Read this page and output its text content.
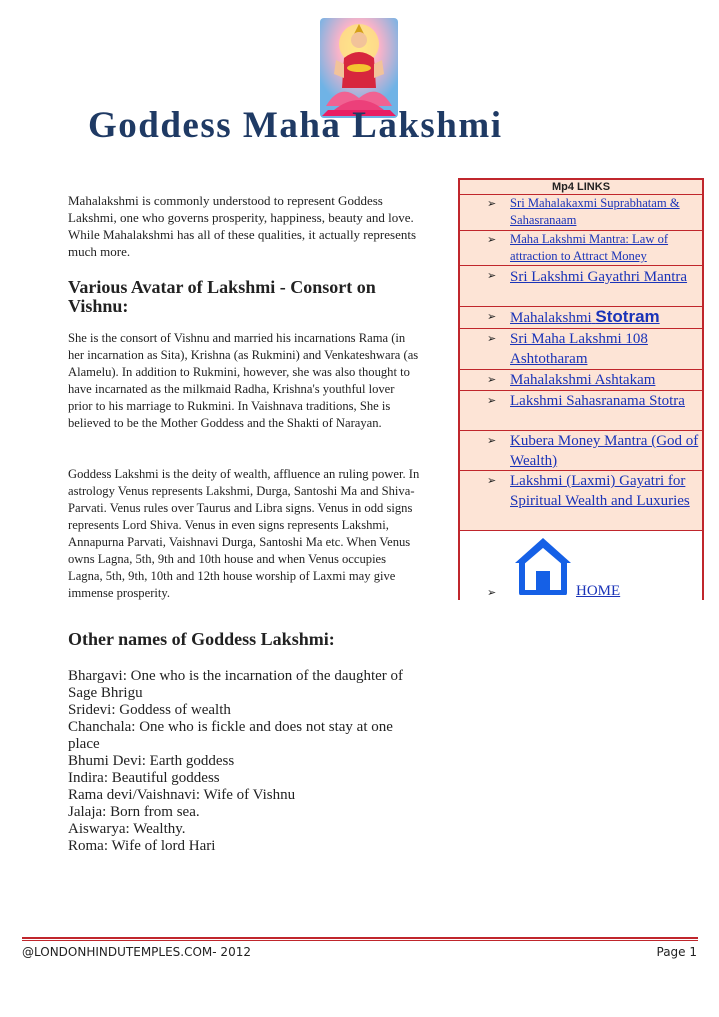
Goddess Maha Lakshmi
Mahalakshmi is commonly understood to represent Goddess Lakshmi, one who governs prosperity, happiness, beauty and love. While Mahalakshmi has all of these qualities, it actually represents much more.
Various Avatar of Lakshmi - Consort on Vishnu:
She is the consort of Vishnu and married his incarnations Rama (in her incarnation as Sita), Krishna (as Rukmini) and Venkateshwara (as Alamelu). In addition to Rukmini, however, she was also thought to have incarnated as the milkmaid Radha, Krishna's youthful lover prior to his marriage to Rukmini. In Vaishnava traditions, She is believed to be the Mother Goddess and the Shakti of Narayan.
Goddess Lakshmi is the deity of wealth, affluence an ruling power. In astrology Venus represents Lakshmi, Durga, Santoshi Ma and Shiva-Parvati. Venus rules over Taurus and Libra signs. Venus in odd signs represents Lord Shiva. Venus in even signs represents Lakshmi, Annapurna Parvati, Vaishnavi Durga, Santoshi Ma etc. When Venus owns Lagna, 5th, 9th and 10th house and when Venus occupies Lagna, 5th, 9th, 10th and 12th house worship of Laxmi may give immense prosperity.
Other names of Goddess Lakshmi:
Bhargavi: One who is the incarnation of the daughter of Sage Bhrigu
Sridevi: Goddess of wealth
Chanchala: One who is fickle and does not stay at one place
Bhumi Devi: Earth goddess
Indira: Beautiful goddess
Rama devi/Vaishnavi: Wife of Vishnu
Jalaja: Born from sea.
Aiswarya: Wealthy.
Roma: Wife of lord Hari
Mp4 LINKS
➢ Sri Mahalakaxmi Suprabhatam & Sahasranaam
➢ Maha Lakshmi Mantra: Law of attraction to Attract Money
➢ Sri Lakshmi Gayathri Mantra
➢ Mahalakshmi Stotram
➢ Sri Maha Lakshmi 108 Ashtotharam
➢ Mahalakshmi Ashtakam
➢ Lakshmi Sahasranama Stotra
➢ Kubera Money Mantra (God of Wealth)
➢ Lakshmi (Laxmi) Gayatri for Spiritual Wealth and Luxuries
➢	HOME
@LONDONHINDUTEMPLES.COM- 2012	Page 1
